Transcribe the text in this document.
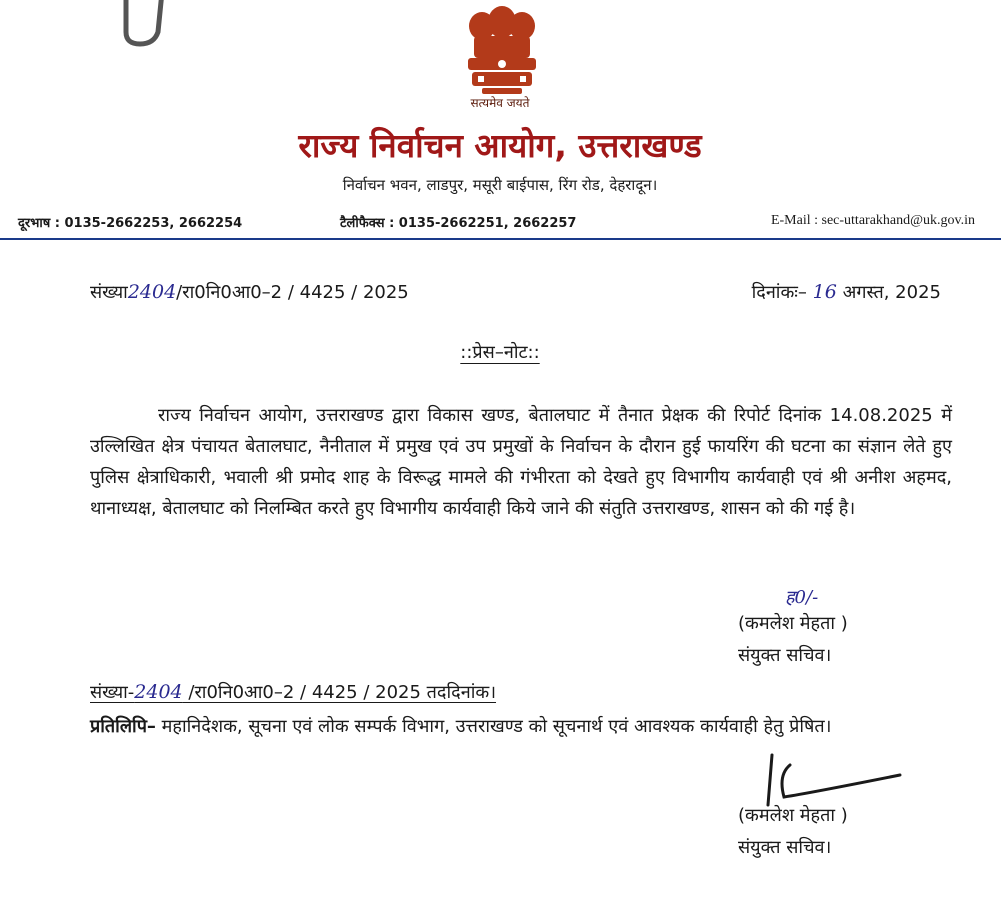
सत्यमेव जयते
राज्य निर्वाचन आयोग, उत्तराखण्ड
निर्वाचन भवन, लाडपुर, मसूरी बाईपास, रिंग रोड, देहरादून।
दूरभाष : 0135-2662253, 2662254	टैलीफैक्स : 0135-2662251, 2662257	E-Mail : sec-uttarakhand@uk.gov.in
संख्या2404/रा0नि0आ0–2 / 4425 / 2025	दिनांकः– 16 अगस्त, 2025
::प्रेस–नोट::
राज्य निर्वाचन आयोग, उत्तराखण्ड द्वारा विकास खण्ड, बेतालघाट में तैनात प्रेक्षक की रिपोर्ट दिनांक 14.08.2025 में उल्लिखित क्षेत्र पंचायत बेतालघाट, नैनीताल में प्रमुख एवं उप प्रमुखों के निर्वाचन के दौरान हुई फायरिंग की घटना का संज्ञान लेते हुए पुलिस क्षेत्राधिकारी, भवाली श्री प्रमोद शाह के विरूद्ध मामले की गंभीरता को देखते हुए विभागीय कार्यवाही एवं श्री अनीश अहमद, थानाध्यक्ष, बेतालघाट को निलम्बित करते हुए विभागीय कार्यवाही किये जाने की संतुति उत्तराखण्ड, शासन को की गई है।
ह0/-
(कमलेश मेहता )
संयुक्त सचिव।
संख्या-2404 /रा0नि0आ0–2 / 4425 / 2025 तददिनांक।
प्रतिलिपि– महानिदेशक, सूचना एवं लोक सम्पर्क विभाग, उत्तराखण्ड को सूचनार्थ एवं आवश्यक कार्यवाही हेतु प्रेषित।
(कमलेश मेहता )
संयुक्त सचिव।
